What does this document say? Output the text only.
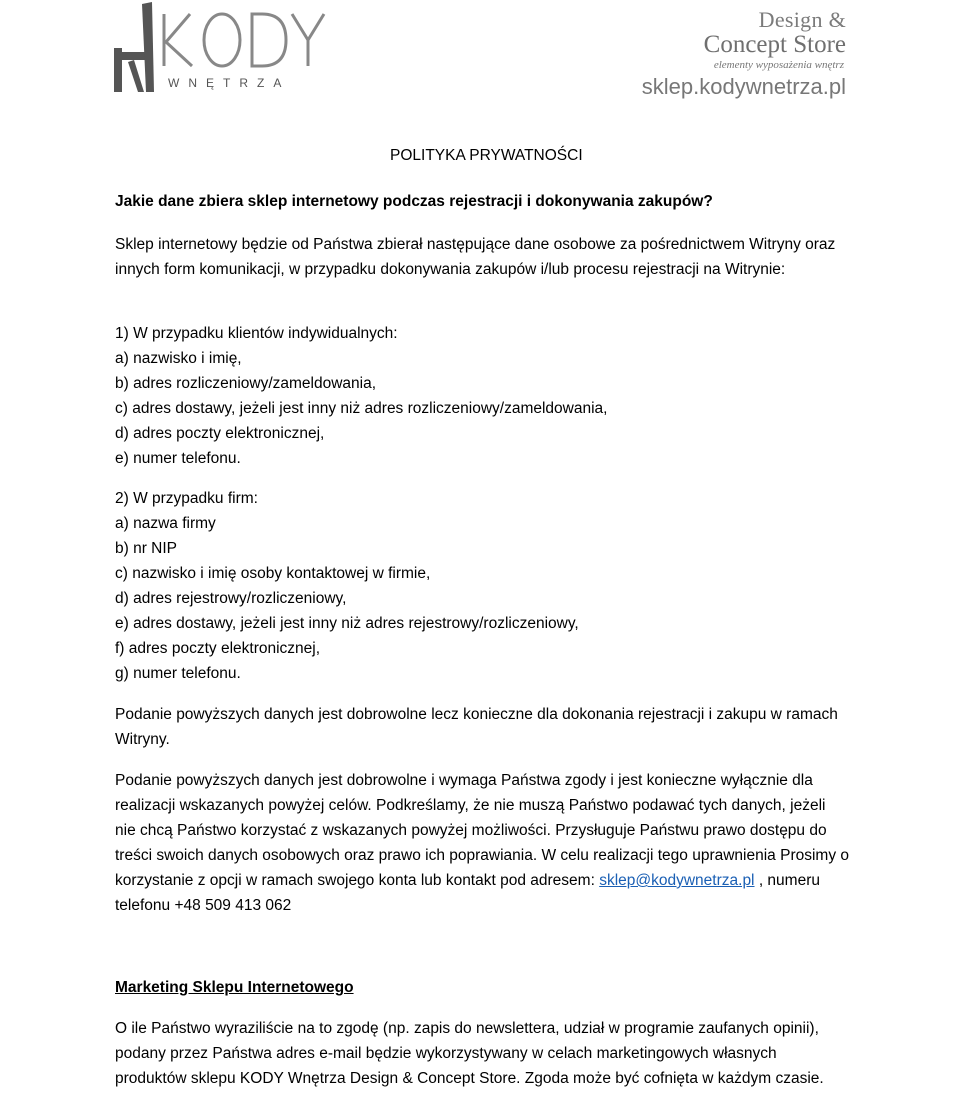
WNĘTRZA
Design &
Concept Store
elementy wyposażenia wnętrz
sklep.kodywnetrza.pl
POLITYKA PRYWATNOŚCI
Jakie dane zbiera sklep internetowy podczas rejestracji i dokonywania zakupów?
Sklep internetowy będzie od Państwa zbierał następujące dane osobowe za pośrednictwem Witryny oraz innych form komunikacji, w przypadku dokonywania zakupów i/lub procesu rejestracji na Witrynie:
1) W przypadku klientów indywidualnych:
a) nazwisko i imię,
b) adres rozliczeniowy/zameldowania,
c) adres dostawy, jeżeli jest inny niż adres rozliczeniowy/zameldowania,
d) adres poczty elektronicznej,
e) numer telefonu.
2) W przypadku firm:
a) nazwa firmy
b) nr NIP
c) nazwisko i imię osoby kontaktowej w firmie,
d) adres rejestrowy/rozliczeniowy,
e) adres dostawy, jeżeli jest inny niż adres rejestrowy/rozliczeniowy,
f) adres poczty elektronicznej,
g) numer telefonu.
Podanie powyższych danych jest dobrowolne lecz konieczne dla dokonania rejestracji i zakupu w ramach Witryny.
Podanie powyższych danych jest dobrowolne i wymaga Państwa zgody i jest konieczne wyłącznie dla realizacji wskazanych powyżej celów. Podkreślamy, że nie muszą Państwo podawać tych danych, jeżeli nie chcą Państwo korzystać z wskazanych powyżej możliwości. Przysługuje Państwu prawo dostępu do treści swoich danych osobowych oraz prawo ich poprawiania. W celu realizacji tego uprawnienia Prosimy o korzystanie z opcji w ramach swojego konta lub kontakt pod adresem: sklep@kodywnetrza.pl , numeru telefonu +48 509 413 062
Marketing Sklepu Internetowego
O ile Państwo wyraziliście na to zgodę (np. zapis do newslettera, udział w programie zaufanych opinii), podany przez Państwa adres e-mail będzie wykorzystywany w celach marketingowych własnych produktów sklepu KODY Wnętrza Design & Concept Store. Zgoda może być cofnięta w każdym czasie.
